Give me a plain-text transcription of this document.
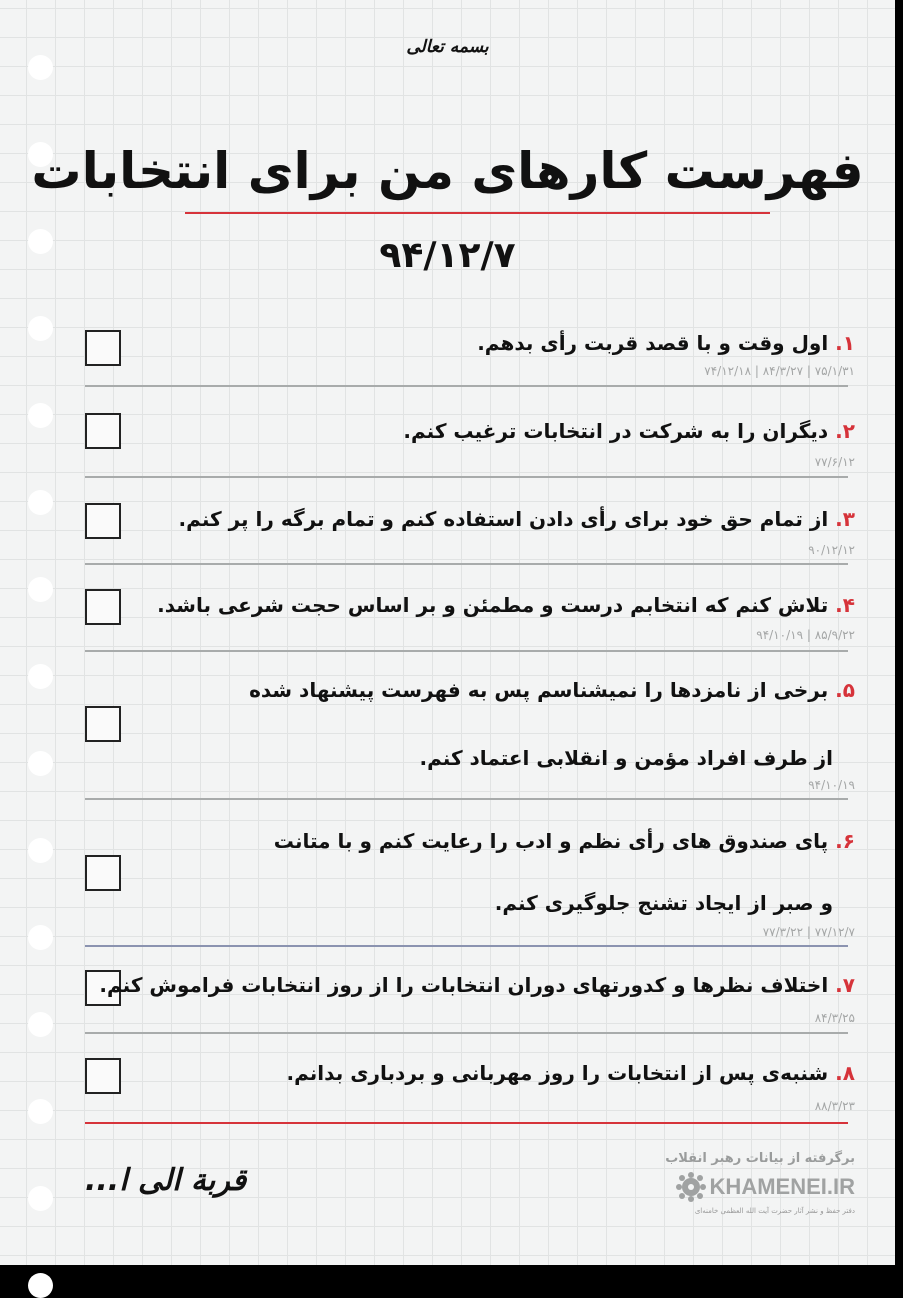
بسمه تعالی
فهرست کارهای من برای انتخابات
۹۴/۱۲/۷
۱. اول وقت و با قصد قربت رأی بدهم.
۷۵/۱/۳۱ | ۸۴/۳/۲۷ | ۷۴/۱۲/۱۸
۲. دیگران را به شرکت در انتخابات ترغیب کنم.
۷۷/۶/۱۲
۳. از تمام حق خود برای رأی دادن استفاده کنم و تمام برگه را پر کنم.
۹۰/۱۲/۱۲
۴. تلاش کنم که انتخابم درست و مطمئن و بر اساس حجت شرعی باشد.
۸۵/۹/۲۲ | ۹۴/۱۰/۱۹
۵. برخی از نامزدها را نمیشناسم پس به فهرست پیشنهاد شده
از طرف افراد مؤمن و انقلابی اعتماد کنم.
۹۴/۱۰/۱۹
۶. پای صندوق های رأی نظم و ادب را رعایت کنم و با متانت
و صبر از ایجاد تشنج جلوگیری کنم.
۷۷/۱۲/۷ | ۷۷/۳/۲۲
۷. اختلاف نظرها و کدورتهای دوران انتخابات را از روز انتخابات فراموش کنم.
۸۴/۳/۲۵
۸. شنبه‌ی پس از انتخابات را روز مهربانی و بردباری بدانم.
۸۸/۳/۲۳
قربة الی ا...
برگرفته از بیانات رهبر انقلاب
KHAMENEI.IR
دفتر حفظ و نشر آثار حضرت آیت الله العظمی خامنه‌ای
